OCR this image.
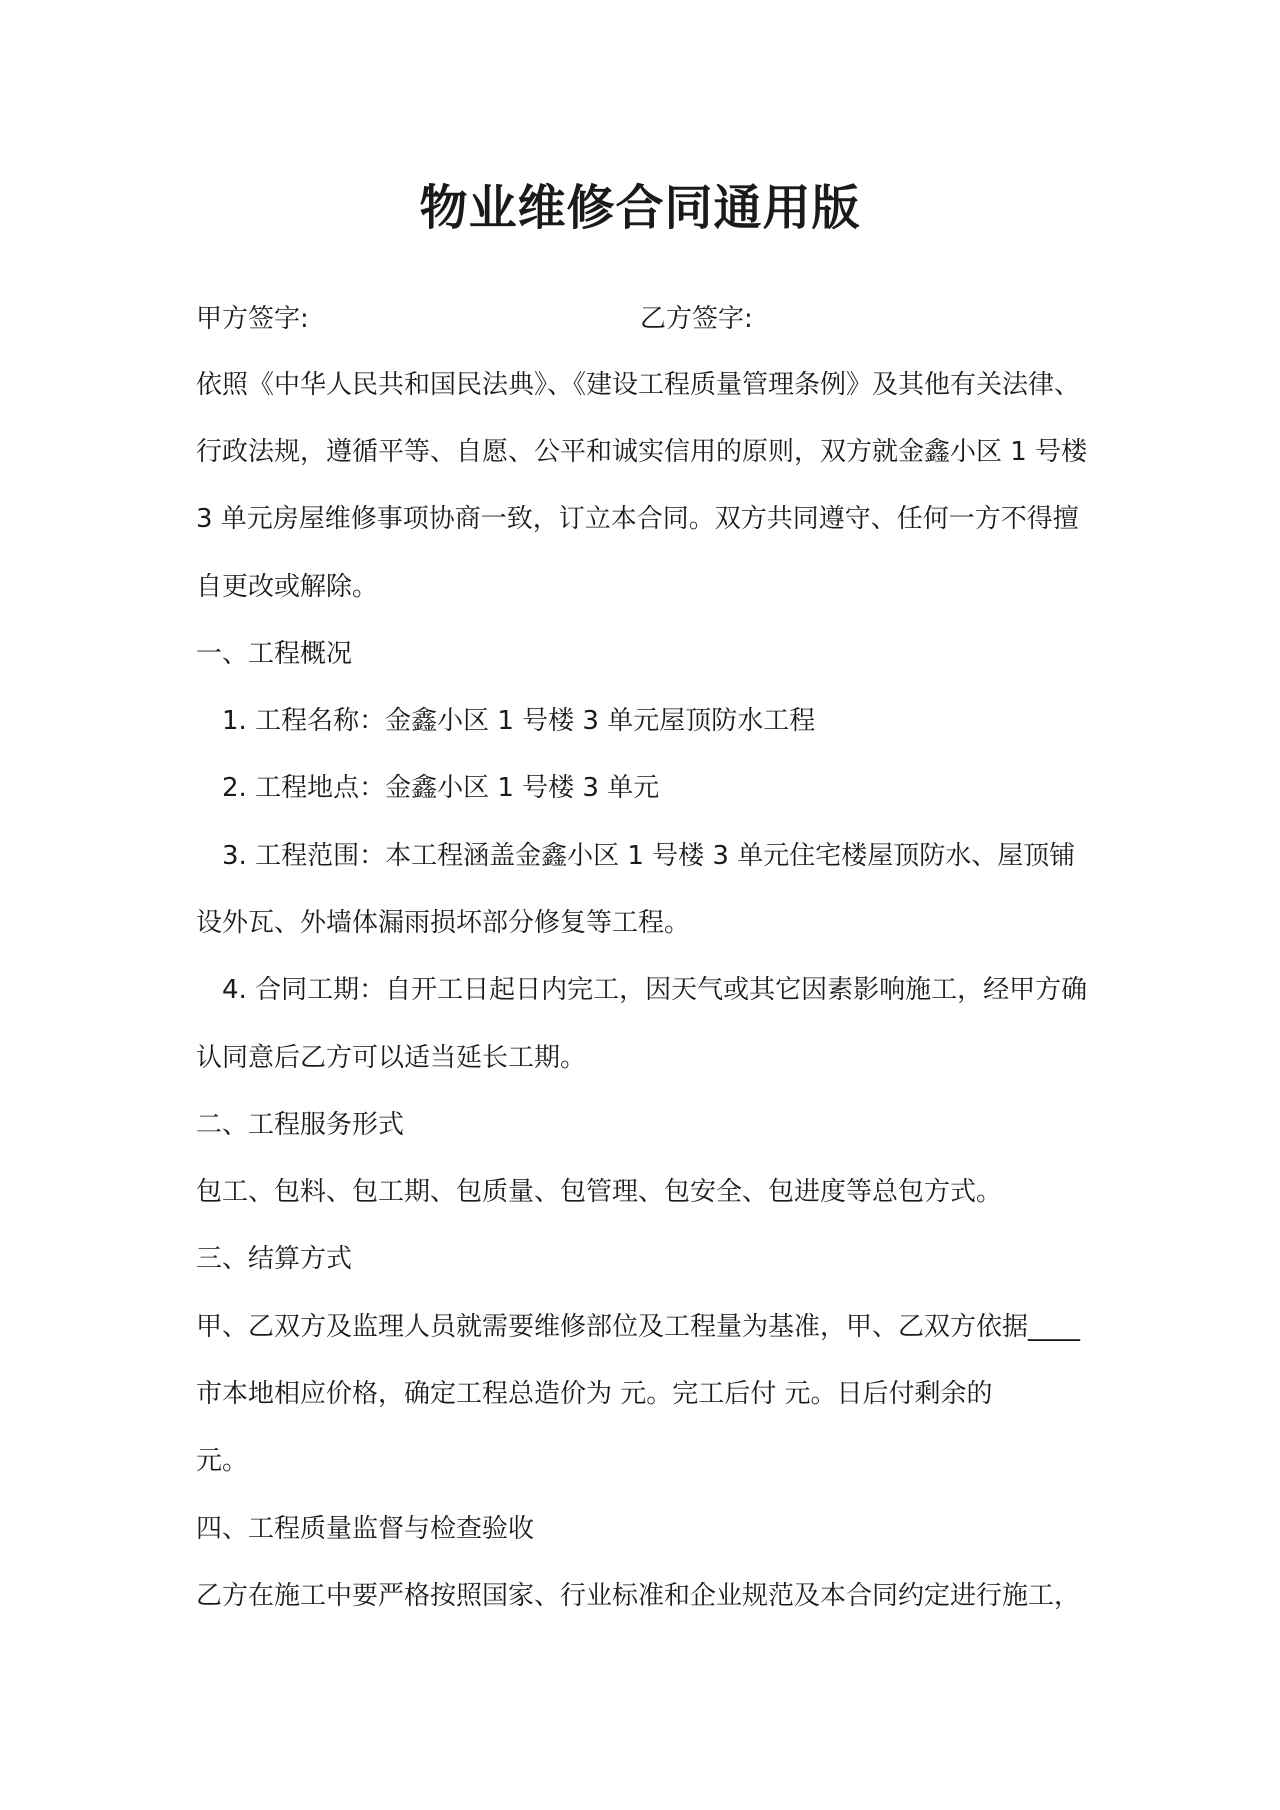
物业维修合同通用版
甲方签字:	乙方签字:
依照《中华人民共和国民法典》、《建设工程质量管理条例》及其他有关法律、
行政法规，遵循平等、自愿、公平和诚实信用的原则，双方就金鑫小区 1 号楼
3 单元房屋维修事项协商一致，订立本合同。双方共同遵守、任何一方不得擅
自更改或解除。
一、工程概况
1. 工程名称：金鑫小区 1 号楼 3 单元屋顶防水工程
2. 工程地点：金鑫小区 1 号楼 3 单元
3. 工程范围：本工程涵盖金鑫小区 1 号楼 3 单元住宅楼屋顶防水、屋顶铺
设外瓦、外墙体漏雨损坏部分修复等工程。
4. 合同工期：自开工日起日内完工，因天气或其它因素影响施工，经甲方确
认同意后乙方可以适当延长工期。
二、工程服务形式
包工、包料、包工期、包质量、包管理、包安全、包进度等总包方式。
三、结算方式
甲、乙双方及监理人员就需要维修部位及工程量为基准，甲、乙双方依据____
市本地相应价格，确定工程总造价为 元。完工后付 元。日后付剩余的
元。
四、工程质量监督与检查验收
乙方在施工中要严格按照国家、行业标准和企业规范及本合同约定进行施工，
